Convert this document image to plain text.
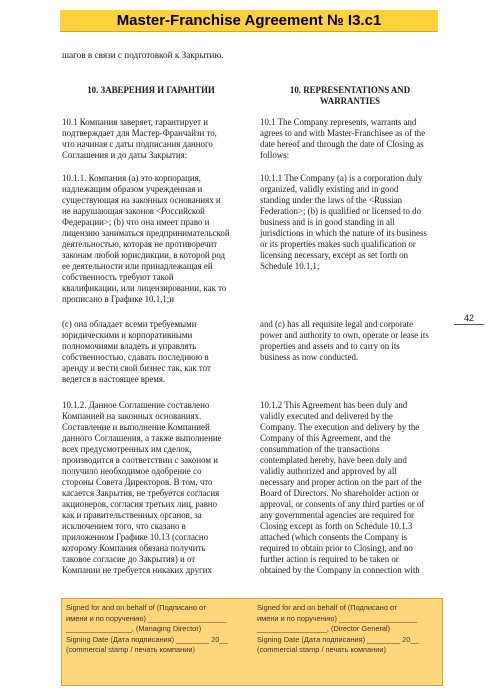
Master-Franchise Agreement № I3.c1
шагов в связи с подготовкой к Закрытию.
10. ЗАВЕРЕНИЯ И ГАРАНТИИ	10. REPRESENTATIONS AND
WARRANTIES
10.1 Компания заверяет, гарантирует и
подтверждает для Мастер-Франчайзи то,
что начиная с даты подписания данного
Соглашения и до даты Закрытия:
10.1.1. Компания (a) это корпорация,
надлежащим образом учрежденная и
существующая на законных основаниях и
не нарушающая законов <Российской
Федерации>; (b) что она имеет право и
лицензию заниматься предпринимательской
деятельностью, которая не противоречит
законам любой юрисдикции, в которой род
ее деятельности или принадлежащая ей
собственность требуют такой
квалификации, или лицензировании, как то
прописано в Графике 10.1,1;и
(c) она обладает всеми требуемыми
юридическими и корпоративными
полномочиями владеть и управлять
собственностью, сдавать последнюю в
аренду и вести свой бизнес так, как тот
ведется в настоящее время.
10.1.2. Данное Соглашение составлено
Компанией на законных основаниях.
Составление и выполнение Компанией
данного Соглашения, а также выполнение
всех предусмотренных им сделок,
производится в соответствии с законом и
получило необходимое одобрение со
стороны Совета Директоров. В том, что
касается Закрытия, не требуется согласия
акционеров, согласия третьих лиц, равно
как и правительственных органов, за
исключением того, что сказано в
приложенном Графике 10.13 (согласно
которому Компания обязана получить
таковое согласие до Закрытия) и от
Компании не требуется никаких других
10.1 The Company represents, warrants and
agrees to and with Master-Franchisee as of the
date hereof and through the date of Closing as
follows:
10.1.1 The Company (a) is a corporation duly
organized, validly existing and in good
standing under the laws of the <Russian
Federation>; (b) is qualified or licensed to do
business and is in good standing in all
jurisdictions in which the nature of its business
or its properties makes such qualification or
licensing necessary, except as set forth on
Schedule 10.1,1;
and (c) has all requisite legal and corporate
power and authority to own, operate or lease its
properties and assets and to carry on its
business as now conducted.
10.1.2 This Agreement has been duly and
validly executed and delivered by the
Company. The execution and delivery by the
Company of this Agreement, and the
consummation of the transactions
contemplated hereby, have been duly and
validly authorized and approved by all
necessary and proper action on the part of the
Board of Directors. No shareholder action or
approval, or consents of any third parties or of
any governmental agencies are required for
Closing except as forth on Schedule 10.1.3
attached (which consents the Company is
required to obtain prior to Closing), and no
further action is required to be taken or
obtained by the Company in connection with
42
Signed for and on behalf of (Подписано от
имени и по поручению) ___________________
________________, (Managing Director)
Signing Date (Дата подписания) ________ 20__
(commercial stamp / печать компании)
Signed for and on behalf of (Подписано от
имени и по поручению) ___________________
_________________, (Director General)
Signing Date (Дата подписания) ________ 20__
(commercial stamp / печать компании)
